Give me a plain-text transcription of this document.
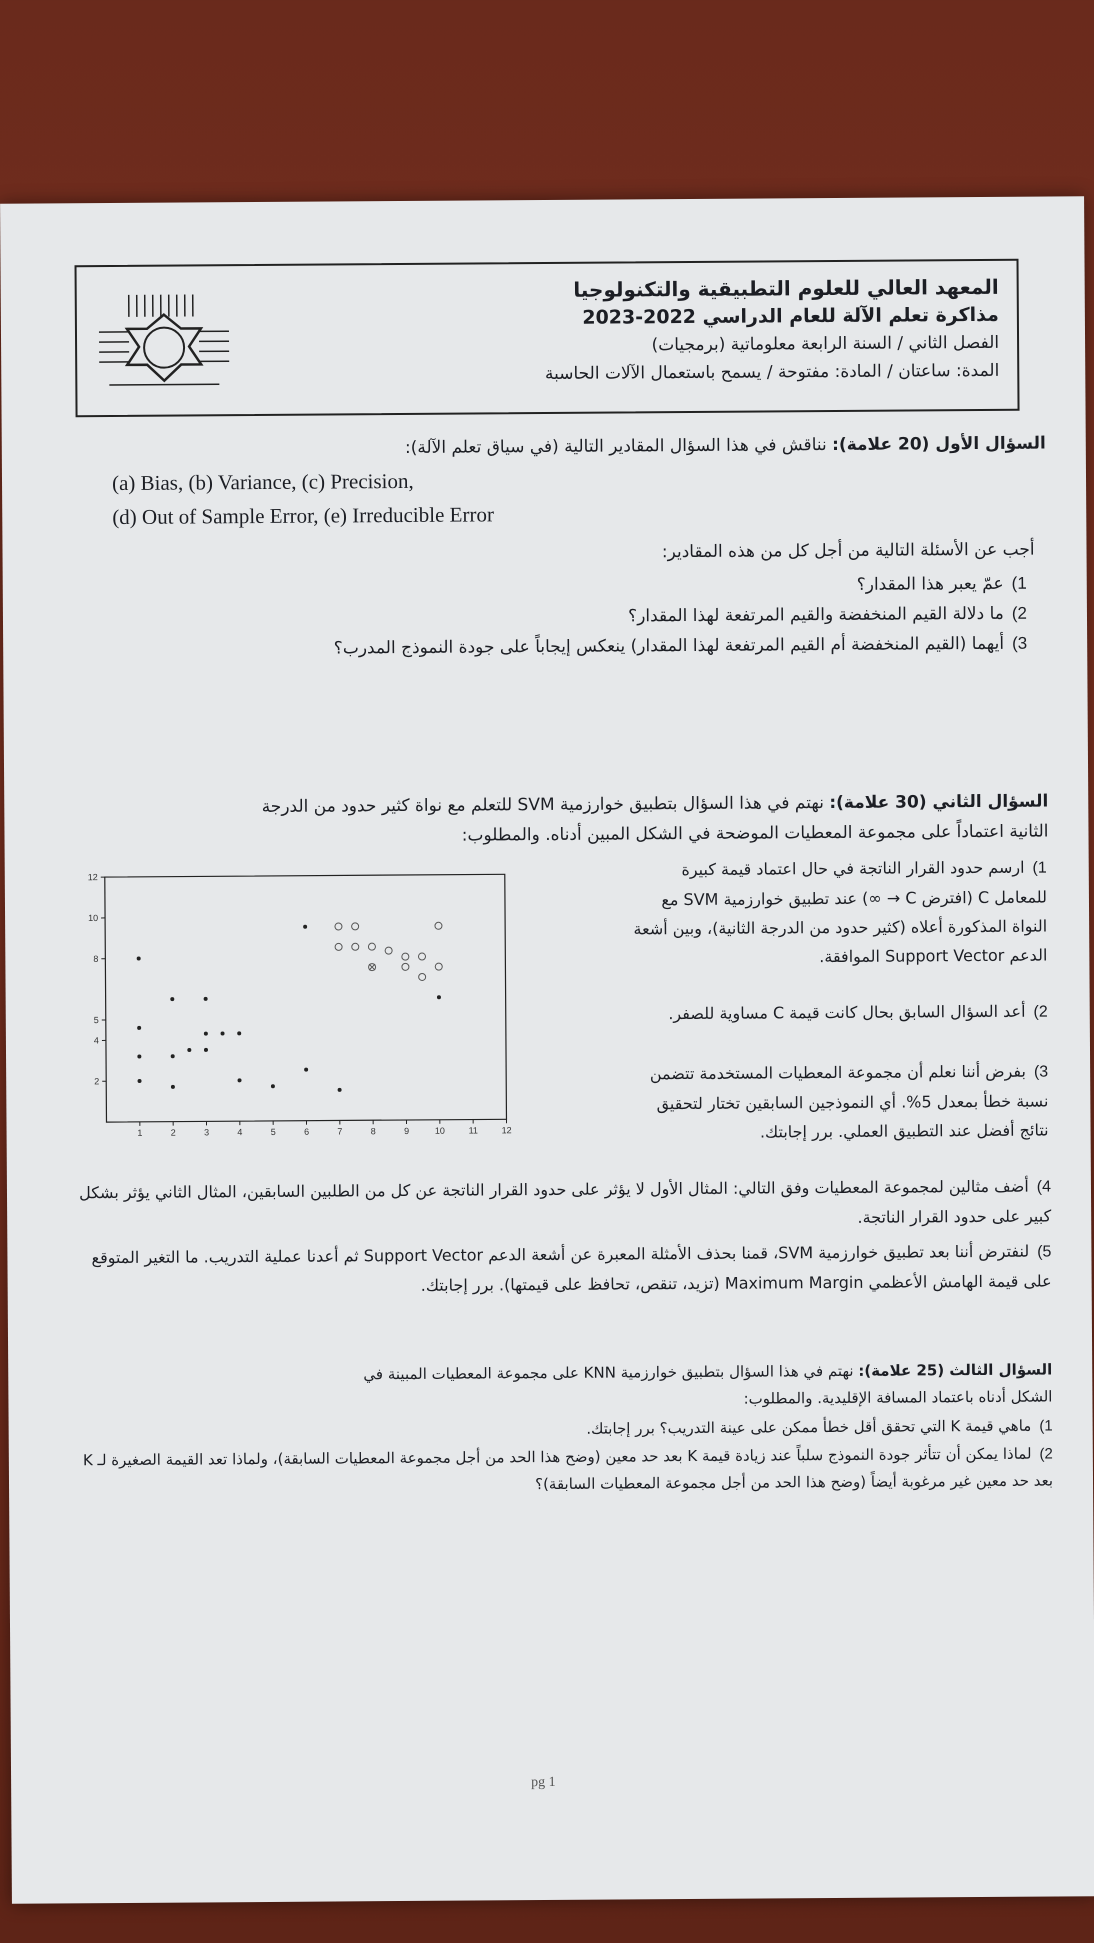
المعهد العالي للعلوم التطبيقية والتكنولوجيا
مذاكرة تعلم الآلة للعام الدراسي 2022-2023
الفصل الثاني / السنة الرابعة معلوماتية (برمجيات)
المدة: ساعتان / المادة: مفتوحة / يسمح باستعمال الآلات الحاسبة
السؤال الأول (20 علامة): نناقش في هذا السؤال المقادير التالية (في سياق تعلم الآلة):
(a) Bias, (b) Variance, (c) Precision,
(d) Out of Sample Error, (e) Irreducible Error
أجب عن الأسئلة التالية من أجل كل من هذه المقادير:
1)عمّ يعبر هذا المقدار؟
2)ما دلالة القيم المنخفضة والقيم المرتفعة لهذا المقدار؟
3)أيهما (القيم المنخفضة أم القيم المرتفعة لهذا المقدار) ينعكس إيجاباً على جودة النموذج المدرب؟
السؤال الثاني (30 علامة): نهتم في هذا السؤال بتطبيق خوارزمية SVM للتعلم مع نواة كثير حدود من الدرجة
الثانية اعتماداً على مجموعة المعطيات الموضحة في الشكل المبين أدناه. والمطلوب:
1	2	3	4	5	6	7	8	9	10	11	12
2
4
5
8
10
12
1)ارسم حدود القرار الناتجة في حال اعتماد قيمة كبيرة للمعامل C (افترض C → ∞) عند تطبيق خوارزمية SVM مع النواة المذكورة أعلاه (كثير حدود من الدرجة الثانية)، وبين أشعة الدعم Support Vector الموافقة.
2)أعد السؤال السابق بحال كانت قيمة C مساوية للصفر.
3)بفرض أننا نعلم أن مجموعة المعطيات المستخدمة تتضمن نسبة خطأ بمعدل 5%. أي النموذجين السابقين تختار لتحقيق نتائج أفضل عند التطبيق العملي. برر إجابتك.
4)أضف مثالين لمجموعة المعطيات وفق التالي: المثال الأول لا يؤثر على حدود القرار الناتجة عن كل من الطلبين السابقين، المثال الثاني يؤثر بشكل كبير على حدود القرار الناتجة.
5)لنفترض أننا بعد تطبيق خوارزمية SVM، قمنا بحذف الأمثلة المعبرة عن أشعة الدعم Support Vector ثم أعدنا عملية التدريب. ما التغير المتوقع على قيمة الهامش الأعظمي Maximum Margin (تزيد، تنقص، تحافظ على قيمتها). برر إجابتك.
السؤال الثالث (25 علامة): نهتم في هذا السؤال بتطبيق خوارزمية KNN على مجموعة المعطيات المبينة في
الشكل أدناه باعتماد المسافة الإقليدية. والمطلوب:
1)ماهي قيمة K التي تحقق أقل خطأ ممكن على عينة التدريب؟ برر إجابتك.
2)لماذا يمكن أن تتأثر جودة النموذج سلباً عند زيادة قيمة K بعد حد معين (وضح هذا الحد من أجل مجموعة المعطيات السابقة)، ولماذا تعد القيمة الصغيرة لـ K بعد حد معين غير مرغوبة أيضاً (وضح هذا الحد من أجل مجموعة المعطيات السابقة)؟
pg 1
